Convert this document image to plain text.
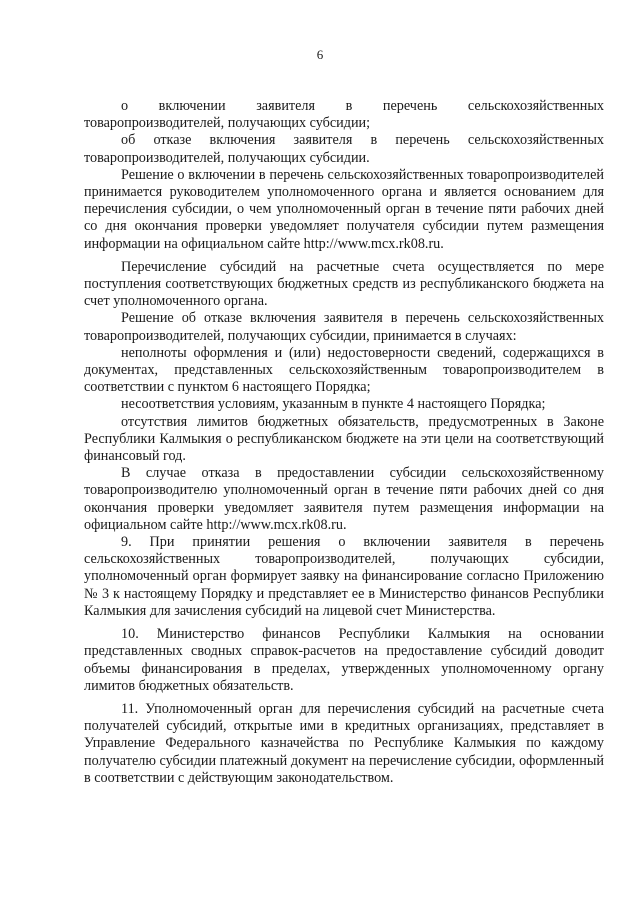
6

о включении заявителя в перечень сельскохозяйственных товаропроизводителей, получающих субсидии;

об отказе включения заявителя в перечень сельскохозяйственных товаропроизводителей, получающих субсидии.

Решение о включении в перечень сельскохозяйственных товаропроизводителей принимается руководителем уполномоченного органа и является основанием для перечисления субсидии, о чем уполномоченный орган в течение пяти рабочих дней со дня окончания проверки уведомляет получателя субсидии путем размещения информации на официальном сайте http://www.mcx.rk08.ru.

Перечисление субсидий на расчетные счета осуществляется по мере поступления соответствующих бюджетных средств из республиканского бюджета на счет уполномоченного органа.

Решение об отказе включения заявителя в перечень сельскохозяйственных товаропроизводителей, получающих субсидии, принимается в случаях:

неполноты оформления и (или) недостоверности сведений, содержащихся в документах, представленных сельскохозяйственным товаропроизводителем в соответствии с пунктом 6 настоящего Порядка;

несоответствия условиям, указанным в пункте 4 настоящего Порядка;

отсутствия лимитов бюджетных обязательств, предусмотренных в Законе Республики Калмыкия о республиканском бюджете на эти цели на соответствующий финансовый год.

В случае отказа в предоставлении субсидии сельскохозяйственному товаропроизводителю уполномоченный орган в течение пяти рабочих дней со дня окончания проверки уведомляет заявителя путем размещения информации на официальном сайте http://www.mcx.rk08.ru.

9. При принятии решения о включении заявителя в перечень сельскохозяйственных товаропроизводителей, получающих субсидии, уполномоченный орган формирует заявку на финансирование согласно Приложению № 3 к настоящему Порядку и представляет ее в Министерство финансов Республики Калмыкия для зачисления субсидий на лицевой счет Министерства.

10. Министерство финансов Республики Калмыкия на основании представленных сводных справок-расчетов на предоставление субсидий доводит объемы финансирования в пределах, утвержденных уполномоченному органу лимитов бюджетных обязательств.

11. Уполномоченный орган для перечисления субсидий на расчетные счета получателей субсидий, открытые ими в кредитных организациях, представляет в Управление Федерального казначейства по Республике Калмыкия по каждому получателю субсидии платежный документ на перечисление субсидии, оформленный в соответствии с действующим законодательством.
